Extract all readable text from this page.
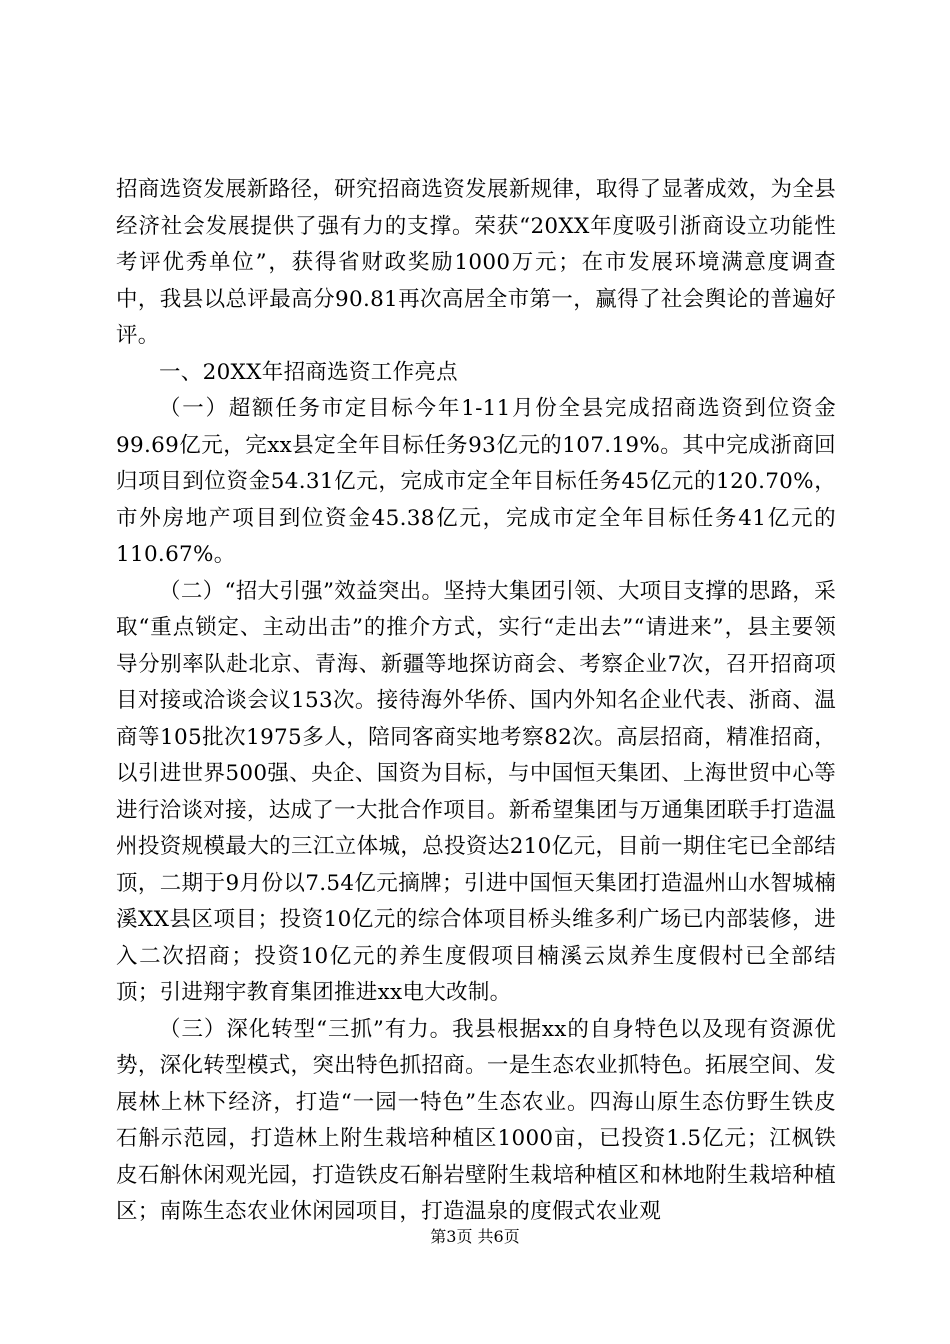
招商选资发展新路径，研究招商选资发展新规律，取得了显著成效，为全县经济社会发展提供了强有力的支撑。荣获“20XX年度吸引浙商设立功能性考评优秀单位”，获得省财政奖励1000万元；在市发展环境满意度调查中，我县以总评最高分90.81再次高居全市第一，赢得了社会舆论的普遍好评。

一、20XX年招商选资工作亮点

（一）超额任务市定目标今年1-11月份全县完成招商选资到位资金99.69亿元，完xx县定全年目标任务93亿元的107.19%。其中完成浙商回归项目到位资金54.31亿元，完成市定全年目标任务45亿元的120.70%，市外房地产项目到位资金45.38亿元，完成市定全年目标任务41亿元的110.67%。

（二）“招大引强”效益突出。坚持大集团引领、大项目支撑的思路，采取“重点锁定、主动出击”的推介方式，实行“走出去”“请进来”，县主要领导分别率队赴北京、青海、新疆等地探访商会、考察企业7次，召开招商项目对接或洽谈会议153次。接待海外华侨、国内外知名企业代表、浙商、温商等105批次1975多人，陪同客商实地考察82次。高层招商，精准招商，以引进世界500强、央企、国资为目标，与中国恒天集团、上海世贸中心等进行洽谈对接，达成了一大批合作项目。新希望集团与万通集团联手打造温州投资规模最大的三江立体城，总投资达210亿元，目前一期住宅已全部结顶，二期于9月份以7.54亿元摘牌；引进中国恒天集团打造温州山水智城楠溪XX县区项目；投资10亿元的综合体项目桥头维多利广场已内部装修，进入二次招商；投资10亿元的养生度假项目楠溪云岚养生度假村已全部结顶；引进翔宇教育集团推进xx电大改制。

（三）深化转型“三抓”有力。我县根据xx的自身特色以及现有资源优势，深化转型模式，突出特色抓招商。一是生态农业抓特色。拓展空间、发展林上林下经济，打造“一园一特色”生态农业。四海山原生态仿野生铁皮石斛示范园，打造林上附生栽培种植区1000亩，已投资1.5亿元；江枫铁皮石斛休闲观光园，打造铁皮石斛岩壁附生栽培种植区和林地附生栽培种植区；南陈生态农业休闲园项目，打造温泉的度假式农业观

第3页 共6页
